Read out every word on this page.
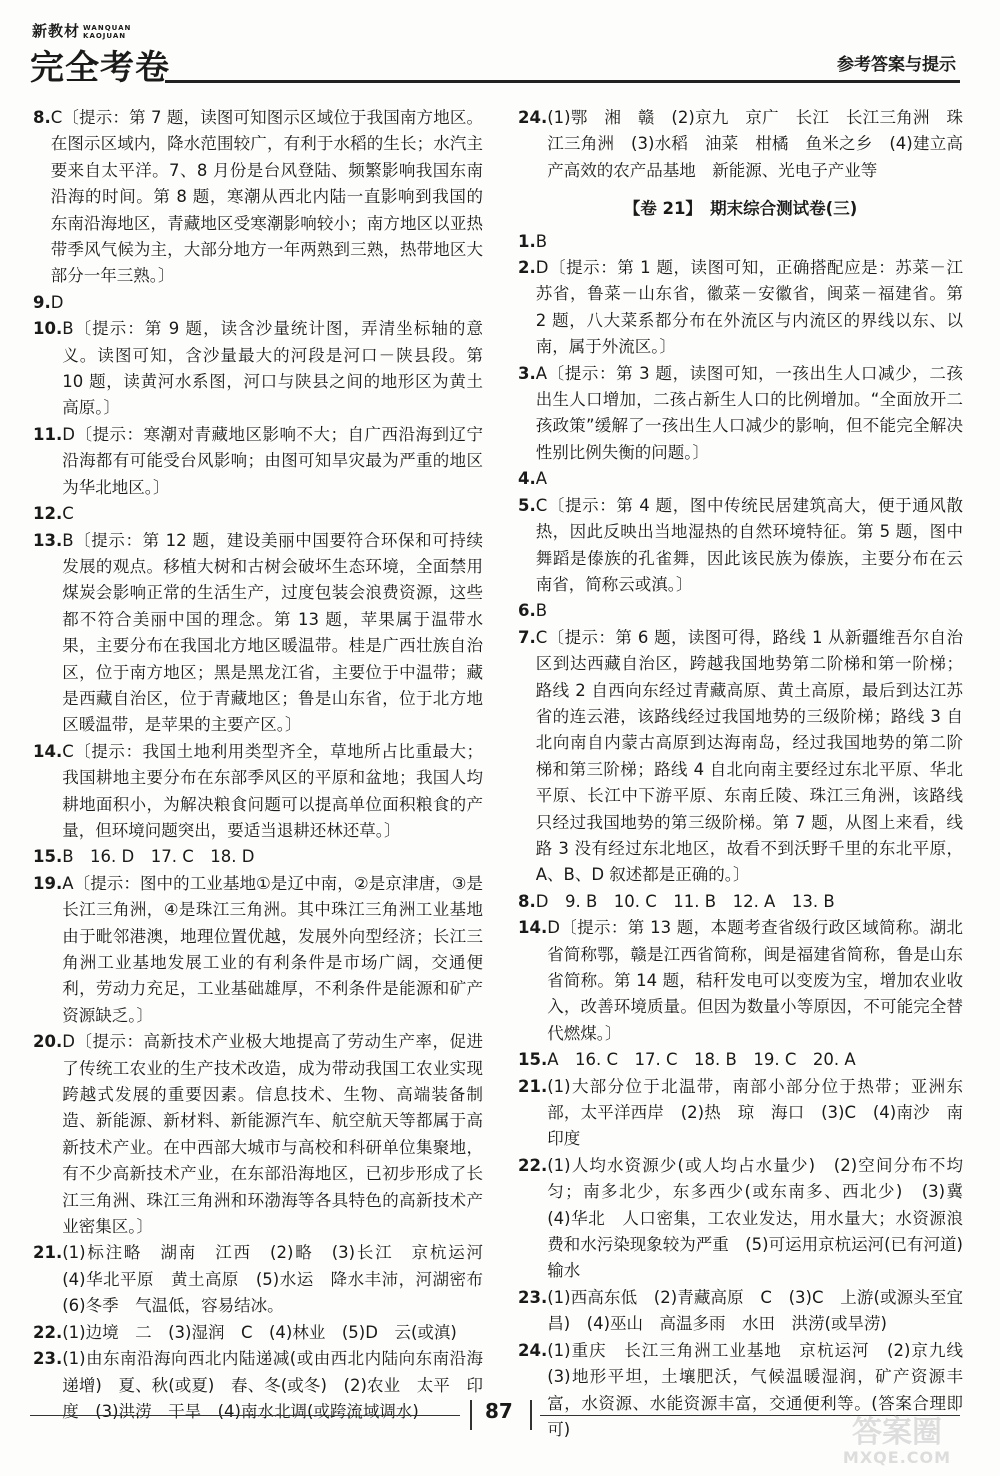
新教材 WANQUAN
KAOJUAN
完全考卷	参考答案与提示
8. C〔提示：第 7 题，读图可知图示区域位于我国南方地区。在图示区域内，降水范围较广，有利于水稻的生长；水汽主要来自太平洋。7、8 月份是台风登陆、频繁影响我国东南沿海的时间。第 8 题，寒潮从西北内陆一直影响到我国的东南沿海地区，青藏地区受寒潮影响较小；南方地区以亚热带季风气候为主，大部分地方一年两熟到三熟，热带地区大部分一年三熟。〕
9. D
10. B〔提示：第 9 题，读含沙量统计图，弄清坐标轴的意义。读图可知，含沙量最大的河段是河口－陕县段。第 10 题，读黄河水系图，河口与陕县之间的地形区为黄土高原。〕
11. D〔提示：寒潮对青藏地区影响不大；自广西沿海到辽宁沿海都有可能受台风影响；由图可知旱灾最为严重的地区为华北地区。〕
12. C
13. B〔提示：第 12 题，建设美丽中国要符合环保和可持续发展的观点。移植大树和古树会破坏生态环境，全面禁用煤炭会影响正常的生活生产，过度包装会浪费资源，这些都不符合美丽中国的理念。第 13 题，苹果属于温带水果，主要分布在我国北方地区暖温带。桂是广西壮族自治区，位于南方地区；黑是黑龙江省，主要位于中温带；藏是西藏自治区，位于青藏地区；鲁是山东省，位于北方地区暖温带，是苹果的主要产区。〕
14. C〔提示：我国土地利用类型齐全，草地所占比重最大；我国耕地主要分布在东部季风区的平原和盆地；我国人均耕地面积小，为解决粮食问题可以提高单位面积粮食的产量，但环境问题突出，要适当退耕还林还草。〕
15. B　16. D　17. C　18. D
19. A〔提示：图中的工业基地①是辽中南，②是京津唐，③是长江三角洲，④是珠江三角洲。其中珠江三角洲工业基地由于毗邻港澳，地理位置优越，发展外向型经济；长江三角洲工业基地发展工业的有利条件是市场广阔，交通便利，劳动力充足，工业基础雄厚，不利条件是能源和矿产资源缺乏。〕
20. D〔提示：高新技术产业极大地提高了劳动生产率，促进了传统工农业的生产技术改造，成为带动我国工农业实现跨越式发展的重要因素。信息技术、生物、高端装备制造、新能源、新材料、新能源汽车、航空航天等都属于高新技术产业。在中西部大城市与高校和科研单位集聚地，有不少高新技术产业，在东部沿海地区，已初步形成了长江三角洲、珠江三角洲和环渤海等各具特色的高新技术产业密集区。〕
21. (1)标注略　湖南　江西　(2)略　(3)长江　京杭运河　(4)华北平原　黄土高原　(5)水运　降水丰沛，河湖密布　(6)冬季　气温低，容易结冰。
22. (1)边境　二　(3)湿润　C　(4)林业　(5)D　云(或滇)
23. (1)由东南沿海向西北内陆递减(或由西北内陆向东南沿海递增)　夏、秋(或夏)　春、冬(或冬)　(2)农业　太平　印度　(3)洪涝　干旱　(4)南水北调(或跨流域调水)
24. (1)鄂　湘　赣　(2)京九　京广　长江　长江三角洲　珠江三角洲　(3)水稻　油菜　柑橘　鱼米之乡　(4)建立高产高效的农产品基地　新能源、光电子产业等
【卷 21】　期末综合测试卷(三)
1. B
2. D〔提示：第 1 题，读图可知，正确搭配应是：苏菜－江苏省，鲁菜－山东省，徽菜－安徽省，闽菜－福建省。第 2 题，八大菜系都分布在外流区与内流区的界线以东、以南，属于外流区。〕
3. A〔提示：第 3 题，读图可知，一孩出生人口减少，二孩出生人口增加，二孩占新生人口的比例增加。“全面放开二孩政策”缓解了一孩出生人口减少的影响，但不能完全解决性别比例失衡的问题。〕
4. A
5. C〔提示：第 4 题，图中传统民居建筑高大，便于通风散热，因此反映出当地湿热的自然环境特征。第 5 题，图中舞蹈是傣族的孔雀舞，因此该民族为傣族，主要分布在云南省，简称云或滇。〕
6. B
7. C〔提示：第 6 题，读图可得，路线 1 从新疆维吾尔自治区到达西藏自治区，跨越我国地势第二阶梯和第一阶梯；路线 2 自西向东经过青藏高原、黄土高原，最后到达江苏省的连云港，该路线经过我国地势的三级阶梯；路线 3 自北向南自内蒙古高原到达海南岛，经过我国地势的第二阶梯和第三阶梯；路线 4 自北向南主要经过东北平原、华北平原、长江中下游平原、东南丘陵、珠江三角洲，该路线只经过我国地势的第三级阶梯。第 7 题，从图上来看，线路 3 没有经过东北地区，故看不到沃野千里的东北平原，A、B、D 叙述都是正确的。〕
8. D　9. B　10. C　11. B　12. A　13. B
14. D〔提示：第 13 题，本题考查省级行政区域简称。湖北省简称鄂，赣是江西省简称，闽是福建省简称，鲁是山东省简称。第 14 题，秸秆发电可以变废为宝，增加农业收入，改善环境质量。但因为数量小等原因，不可能完全替代燃煤。〕
15. A　16. C　17. C　18. B　19. C　20. A
21. (1)大部分位于北温带，南部小部分位于热带；亚洲东部，太平洋西岸　(2)热　琼　海口　(3)C　(4)南沙　南　印度
22. (1)人均水资源少(或人均占水量少)　(2)空间分布不均匀；南多北少，东多西少(或东南多、西北少)　(3)冀　(4)华北　人口密集，工农业发达，用水量大；水资源浪费和水污染现象较为严重　(5)可运用京杭运河(已有河道)输水
23. (1)西高东低　(2)青藏高原　C　(3)C　上游(或源头至宜昌)　(4)巫山　高温多雨　水田　洪涝(或旱涝)
24. (1)重庆　长江三角洲工业基地　京杭运河　(2)京九线　(3)地形平坦，土壤肥沃，气候温暖湿润，矿产资源丰富，水资源、水能资源丰富，交通便利等。(答案合理即可)
87
答案圈
MXQE.COM
